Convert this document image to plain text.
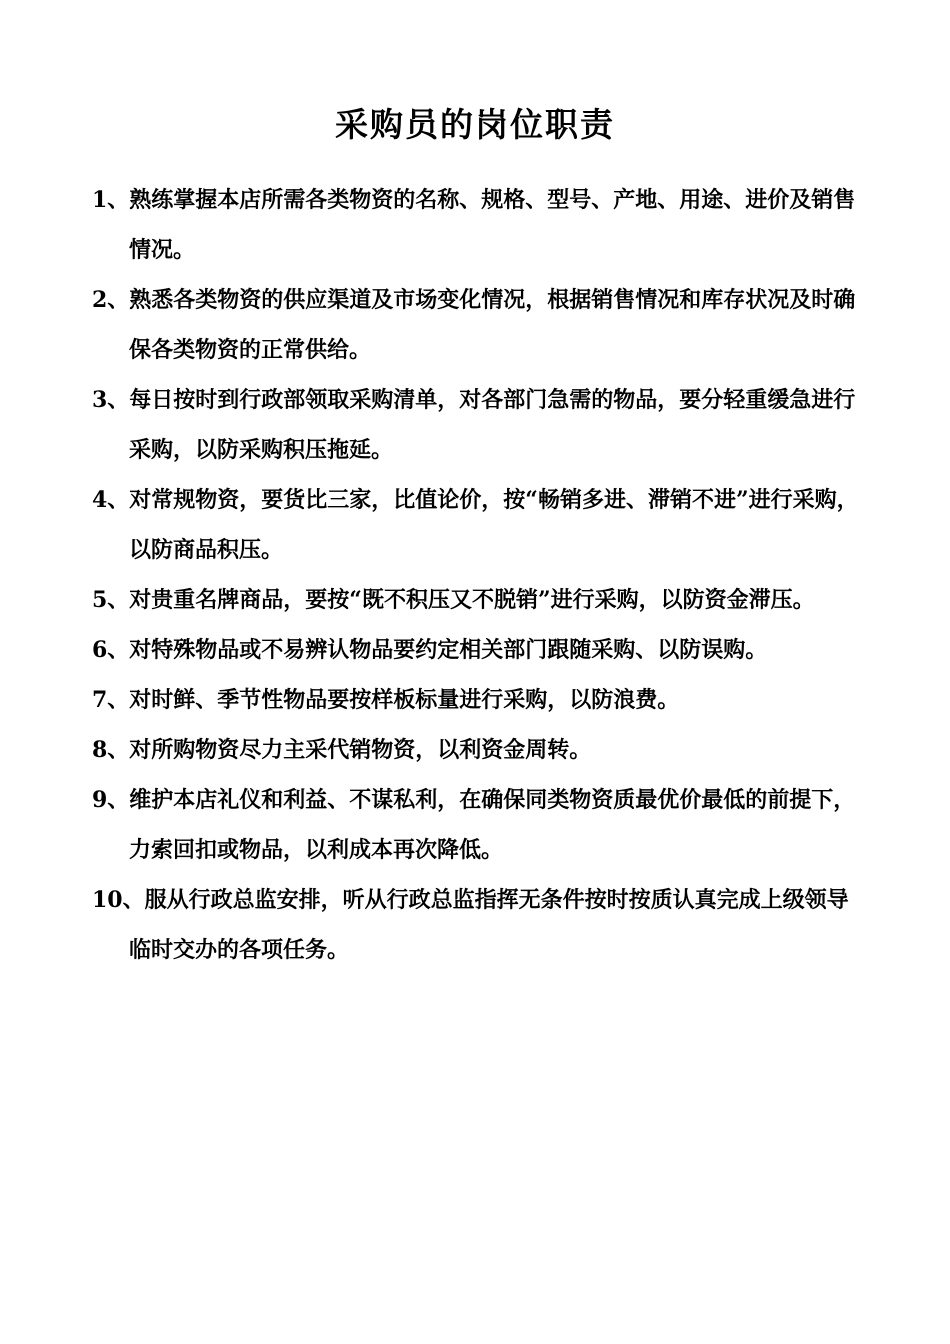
采购员的岗位职责
1、熟练掌握本店所需各类物资的名称、规格、型号、产地、用途、进价及销售情况。
2、熟悉各类物资的供应渠道及市场变化情况，根据销售情况和库存状况及时确保各类物资的正常供给。
3、每日按时到行政部领取采购清单，对各部门急需的物品，要分轻重缓急进行采购，以防采购积压拖延。
4、对常规物资，要货比三家，比值论价，按“畅销多进、滞销不进”进行采购，以防商品积压。
5、对贵重名牌商品，要按“既不积压又不脱销”进行采购，以防资金滞压。
6、对特殊物品或不易辨认物品要约定相关部门跟随采购、以防误购。
7、对时鲜、季节性物品要按样板标量进行采购，以防浪费。
8、对所购物资尽力主采代销物资，以利资金周转。
9、维护本店礼仪和利益、不谋私利，在确保同类物资质最优价最低的前提下，力索回扣或物品，以利成本再次降低。
10、服从行政总监安排，听从行政总监指挥无条件按时按质认真完成上级领导临时交办的各项任务。
